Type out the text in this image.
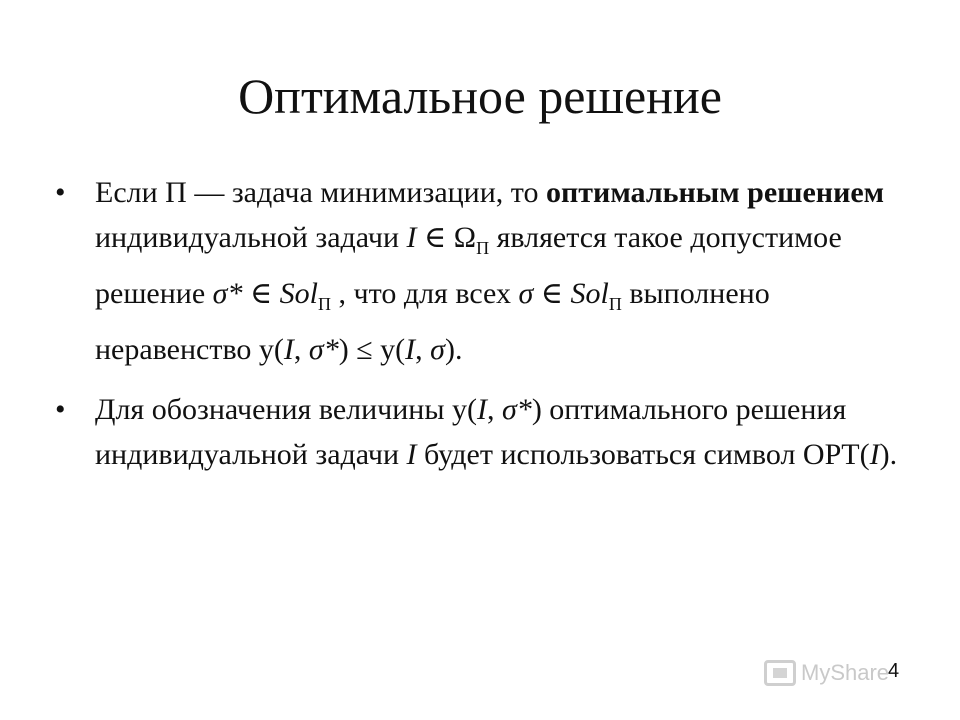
Оптимальное решение
• Если Π — задача минимизации, то оптимальным решением индивидуальной задачи I ∈ $\Omega_\Pi$ является такое допустимое решение σ* ∈ Sol$_\Pi$ , что для всех σ ∈ Sol$_\Pi$ выполнено неравенство y(I, σ*) ≤ y(I, σ).
• Для обозначения величины y(I, σ*) оптимального решения индивидуальной задачи I будет использоваться символ OPT(I).
MyShare
4
